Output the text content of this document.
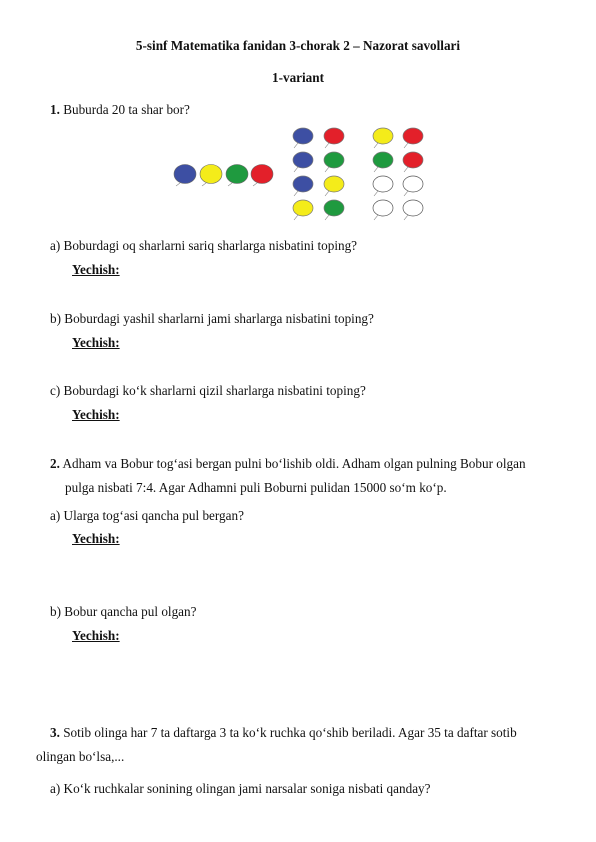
5-sinf Matematika fanidan 3-chorak 2 – Nazorat savollari
1-variant
1. Buburda 20 ta shar bor?
a) Boburdagi oq sharlarni sariq sharlarga nisbatini toping?
Yechish:
b) Boburdagi yashil sharlarni jami sharlarga nisbatini toping?
Yechish:
c) Boburdagi ko‘k sharlarni qizil sharlarga nisbatini toping?
Yechish:
2. Adham va Bobur tog‘asi bergan pulni bo‘lishib oldi. Adham olgan pulning Bobur olgan
pulga nisbati 7:4. Agar Adhamni puli Boburni pulidan 15000 so‘m ko‘p.
a) Ularga tog‘asi qancha pul bergan?
Yechish:
b) Bobur qancha pul olgan?
Yechish:
3. Sotib olinga har 7 ta daftarga 3 ta ko‘k ruchka qo‘shib beriladi. Agar 35 ta daftar sotib
olingan bo‘lsa,...
a) Ko‘k ruchkalar sonining olingan jami narsalar soniga nisbati qanday?
